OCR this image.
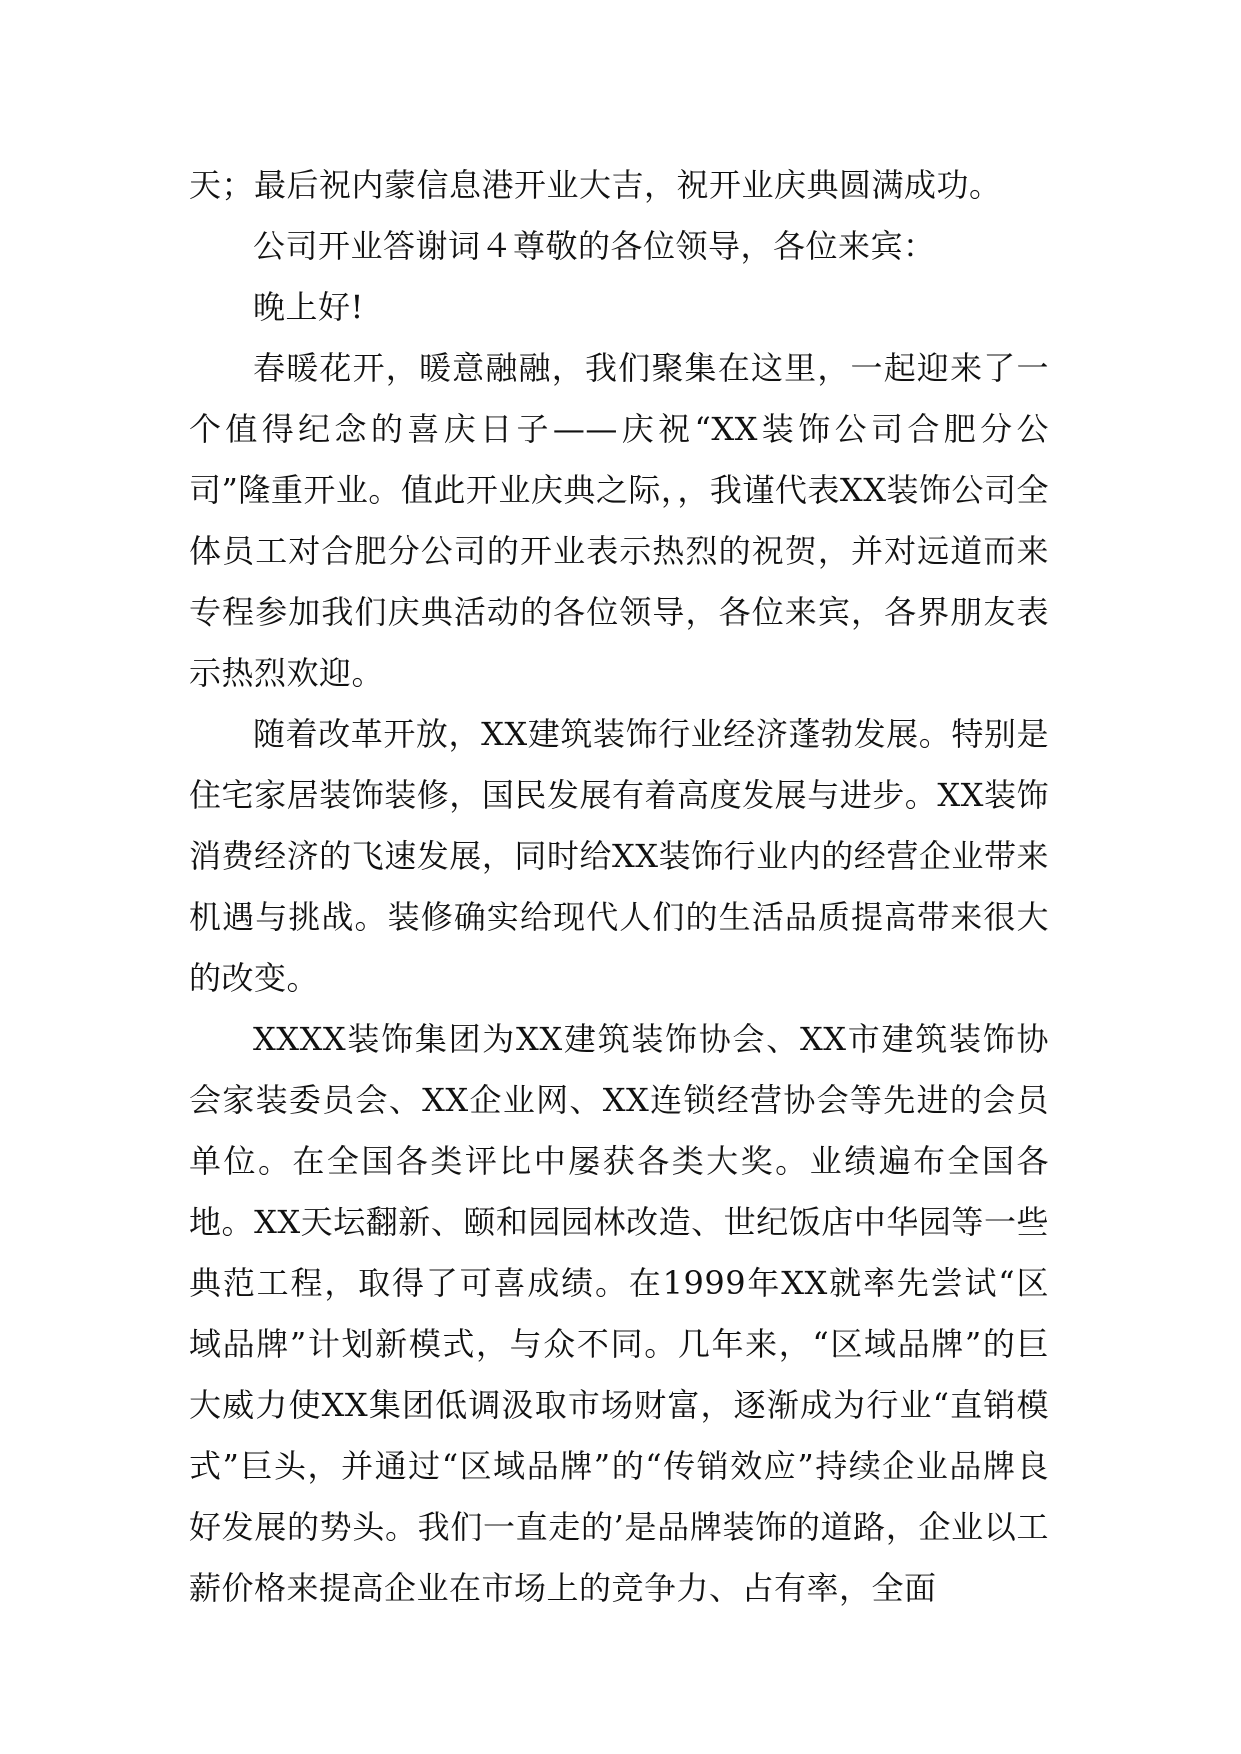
天；最后祝内蒙信息港开业大吉，祝开业庆典圆满成功。

公司开业答谢词４尊敬的各位领导，各位来宾：

晚上好!

春暖花开，暖意融融，我们聚集在这里，一起迎来了一个值得纪念的喜庆日子——庆祝“XX装饰公司合肥分公司”隆重开业。值此开业庆典之际，，我谨代表XX装饰公司全体员工对合肥分公司的开业表示热烈的祝贺，并对远道而来专程参加我们庆典活动的各位领导，各位来宾，各界朋友表示热烈欢迎。

随着改革开放，XX建筑装饰行业经济蓬勃发展。特别是住宅家居装饰装修，国民发展有着高度发展与进步。XX装饰消费经济的飞速发展，同时给XX装饰行业内的经营企业带来机遇与挑战。装修确实给现代人们的生活品质提高带来很大的改变。

XXXX装饰集团为XX建筑装饰协会、XX市建筑装饰协会家装委员会、XX企业网、XX连锁经营协会等先进的会员单位。在全国各类评比中屡获各类大奖。业绩遍布全国各地。XX天坛翻新、颐和园园林改造、世纪饭店中华园等一些典范工程，取得了可喜成绩。在1999年XX就率先尝试“区域品牌”计划新模式，与众不同。几年来，“区域品牌”的巨大威力使XX集团低调汲取市场财富，逐渐成为行业“直销模式”巨头，并通过“区域品牌”的“传销效应”持续企业品牌良好发展的势头。我们一直走的’是品牌装饰的道路，企业以工薪价格来提高企业在市场上的竞争力、占有率，全面
